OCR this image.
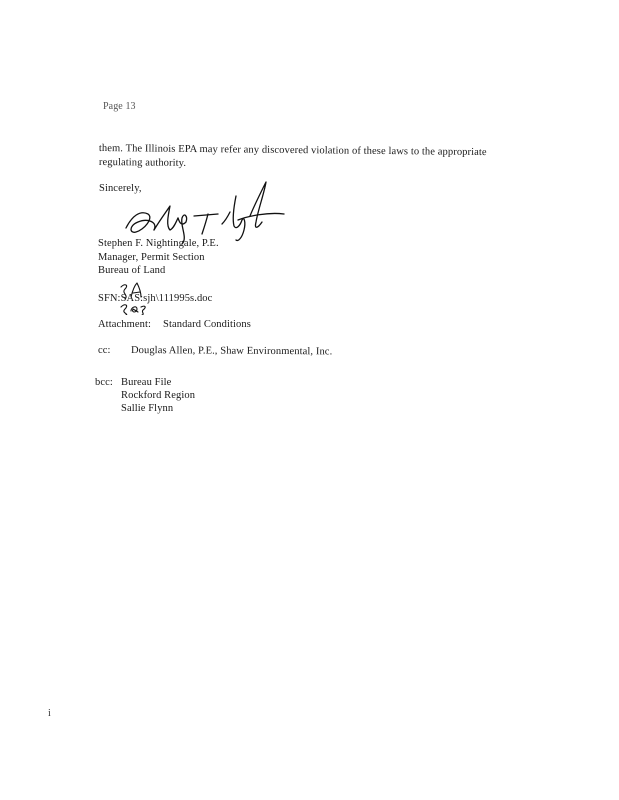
Page 13
them. The Illinois EPA may refer any discovered violation of these laws to the appropriate
regulating authority.
Sincerely,
Stephen F. Nightingale, P.E.
Manager, Permit Section
Bureau of Land
SFN:SAS:sjh\111995s.doc
Attachment: Standard Conditions
cc: Douglas Allen, P.E., Shaw Environmental, Inc.
bcc: Bureau File
Rockford Region
Sallie Flynn
i
